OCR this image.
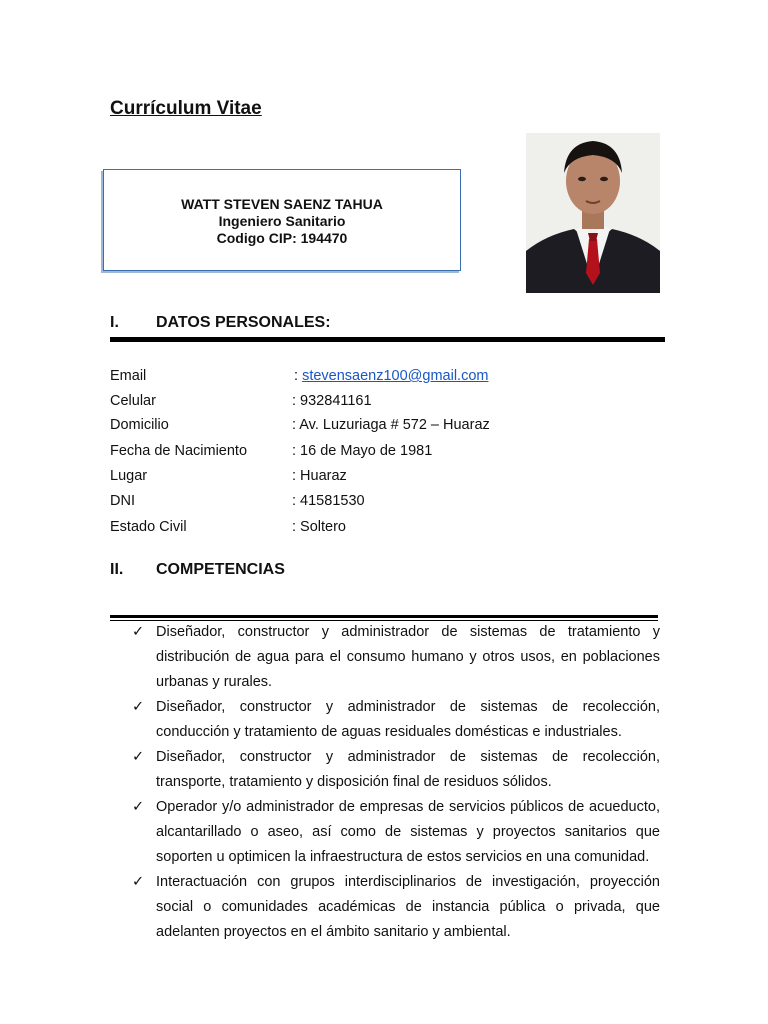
Currículum Vitae
WATT STEVEN SAENZ TAHUA
Ingeniero Sanitario
Codigo CIP: 194470
I. DATOS PERSONALES:
Email	: stevensaenz100@gmail.com
Celular	: 932841161
Domicilio	: Av. Luzuriaga # 572 – Huaraz
Fecha de Nacimiento	: 16 de Mayo de 1981
Lugar	: Huaraz
DNI	: 41581530
Estado Civil	: Soltero
II. COMPETENCIAS
✓ Diseñador, constructor y administrador de sistemas de tratamiento y distribución de agua para el consumo humano y otros usos, en poblaciones urbanas y rurales.
✓ Diseñador, constructor y administrador de sistemas de recolección, conducción y tratamiento de aguas residuales domésticas e industriales.
✓ Diseñador, constructor y administrador de sistemas de recolección, transporte, tratamiento y disposición final de residuos sólidos.
✓ Operador y/o administrador de empresas de servicios públicos de acueducto, alcantarillado o aseo, así como de sistemas y proyectos sanitarios que soporten u optimicen la infraestructura de estos servicios en una comunidad.
✓ Interactuación con grupos interdisciplinarios de investigación, proyección social o comunidades académicas de instancia pública o privada, que adelanten proyectos en el ámbito sanitario y ambiental.
